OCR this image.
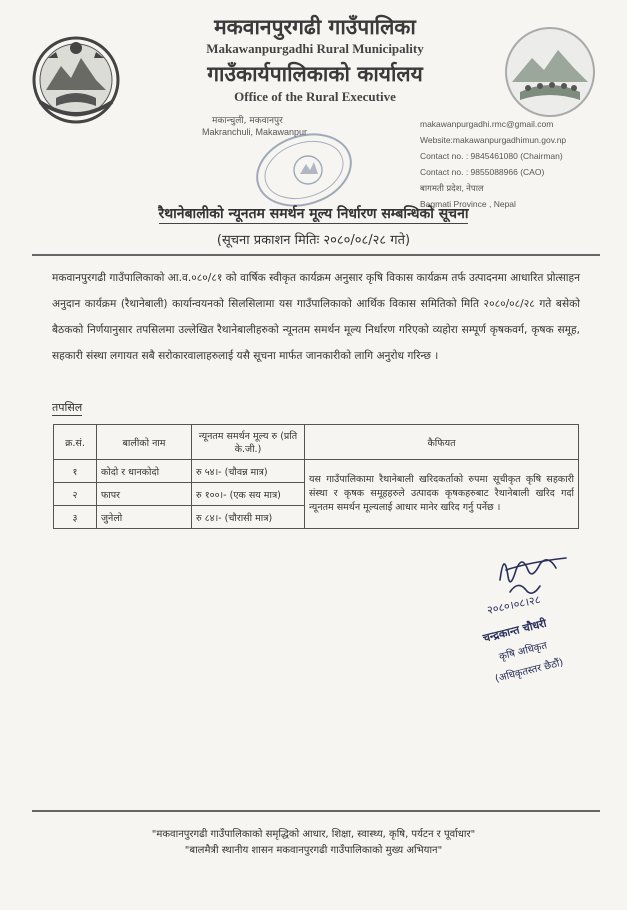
मकवानपुरगढी गाउँपालिका
Makawanpurgadhi Rural Municipality
गाउँकार्यपालिकाको कार्यालय
Office of the Rural Executive
मकान्चुली, मकवानपुर
Makranchuli, Makawanpur
makawanpurgadhi.rmc@gmail.com
Website:makawanpurgadhimun.gov.np
Contact no. : 9845461080 (Chairman)
Contact no. : 9855088966 (CAO)
बागमती प्रदेश, नेपाल
Bagmati Province , Nepal
रैथानेबालीको न्यूनतम समर्थन मूल्य निर्धारण सम्बन्धिको सूचना
(सूचना प्रकाशन मितिः २०८०/०८/२८ गते)
मकवानपुरगढी गाउँपालिकाको आ.व.०८०/८१ को वार्षिक स्वीकृत कार्यक्रम अनुसार कृषि विकास कार्यक्रम तर्फ उत्पादनमा आधारित प्रोत्साहन अनुदान कार्यक्रम (रैथानेबाली) कार्यान्वयनको सिलसिलामा यस गाउँपालिकाको आर्थिक विकास समितिको मिति २०८०/०८/२८ गते बसेको बैठकको निर्णयानुसार तपसिलमा उल्लेखित रैथानेबालीहरुको न्यूनतम समर्थन मूल्य निर्धारण गरिएको व्यहोरा सम्पूर्ण कृषकवर्ग, कृषक समूह, सहकारी संस्था लगायत सबै सरोकारवालाहरुलाई यसै सूचना मार्फत जानकारीको लागि अनुरोध गरिन्छ ।
तपसिल
क्र.सं.	बालीको नाम	न्यूनतम समर्थन मूल्य रु (प्रति के.जी.)	कैफियत
१	कोदो र धानकोदो	रु ५४।- (चौवन्न मात्र)	यस गाउँपालिकामा रैथानेबाली खरिदकर्ताको रुपमा सूचीकृत कृषि सहकारी संस्था र कृषक समूहहरुले उत्पादक कृषकहरुबाट रैथानेबाली खरिद गर्दा न्यूनतम समर्थन मूल्यलाई आधार मानेर खरिद गर्नु पर्नेछ ।
२	फापर	रु १००।- (एक सय मात्र)	
३	जुनेलो	रु ८४।- (चौरासी मात्र)	
२०८०।०८।२८
चन्द्रकान्त चौधरी
कृषि अधिकृत
(अधिकृतस्तर छैठौं)
"मकवानपुरगढी गाउँपालिकाको समृद्धिको आधार, शिक्षा, स्वास्थ्य, कृषि, पर्यटन र पूर्वाधार"
"बालमैत्री स्थानीय शासन मकवानपुरगढी गाउँपालिकाको मुख्य अभियान"
